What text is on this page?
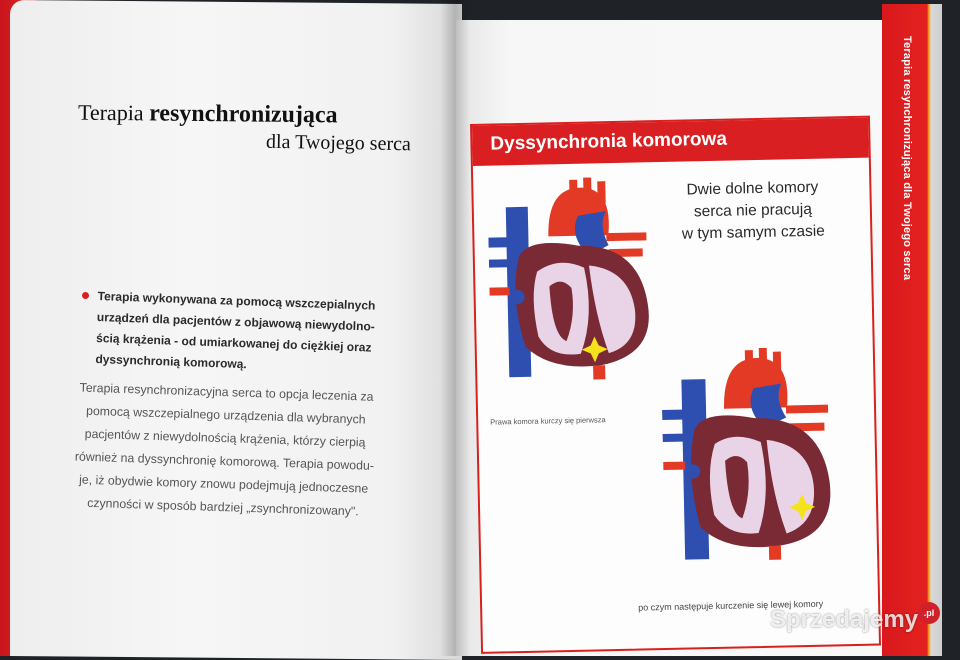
Terapia resynchronizująca dla Twojego serca
Terapia resynchronizująca
dla Twojego serca
Terapia wykonywana za pomocą wszczepialnych
urządzeń dla pacjentów z objawową niewydolno-
ścią krążenia - od umiarkowanej do ciężkiej oraz
dyssynchronią komorową.
Terapia resynchronizacyjna serca to opcja leczenia za
pomocą wszczepialnego urządzenia dla wybranych
pacjentów z niewydolnością krążenia, którzy cierpią
również na dyssynchronię komorową. Terapia powodu-
je, iż obydwie komory znowu podejmują jednoczesne
czynności w sposób bardziej „zsynchronizowany".
Dyssynchronia komorowa
Dwie dolne komory
serca nie pracują
w tym samym czasie
Prawa komora kurczy się pierwsza
po czym następuje kurczenie się lewej komory
Sprzedajemy .pl
